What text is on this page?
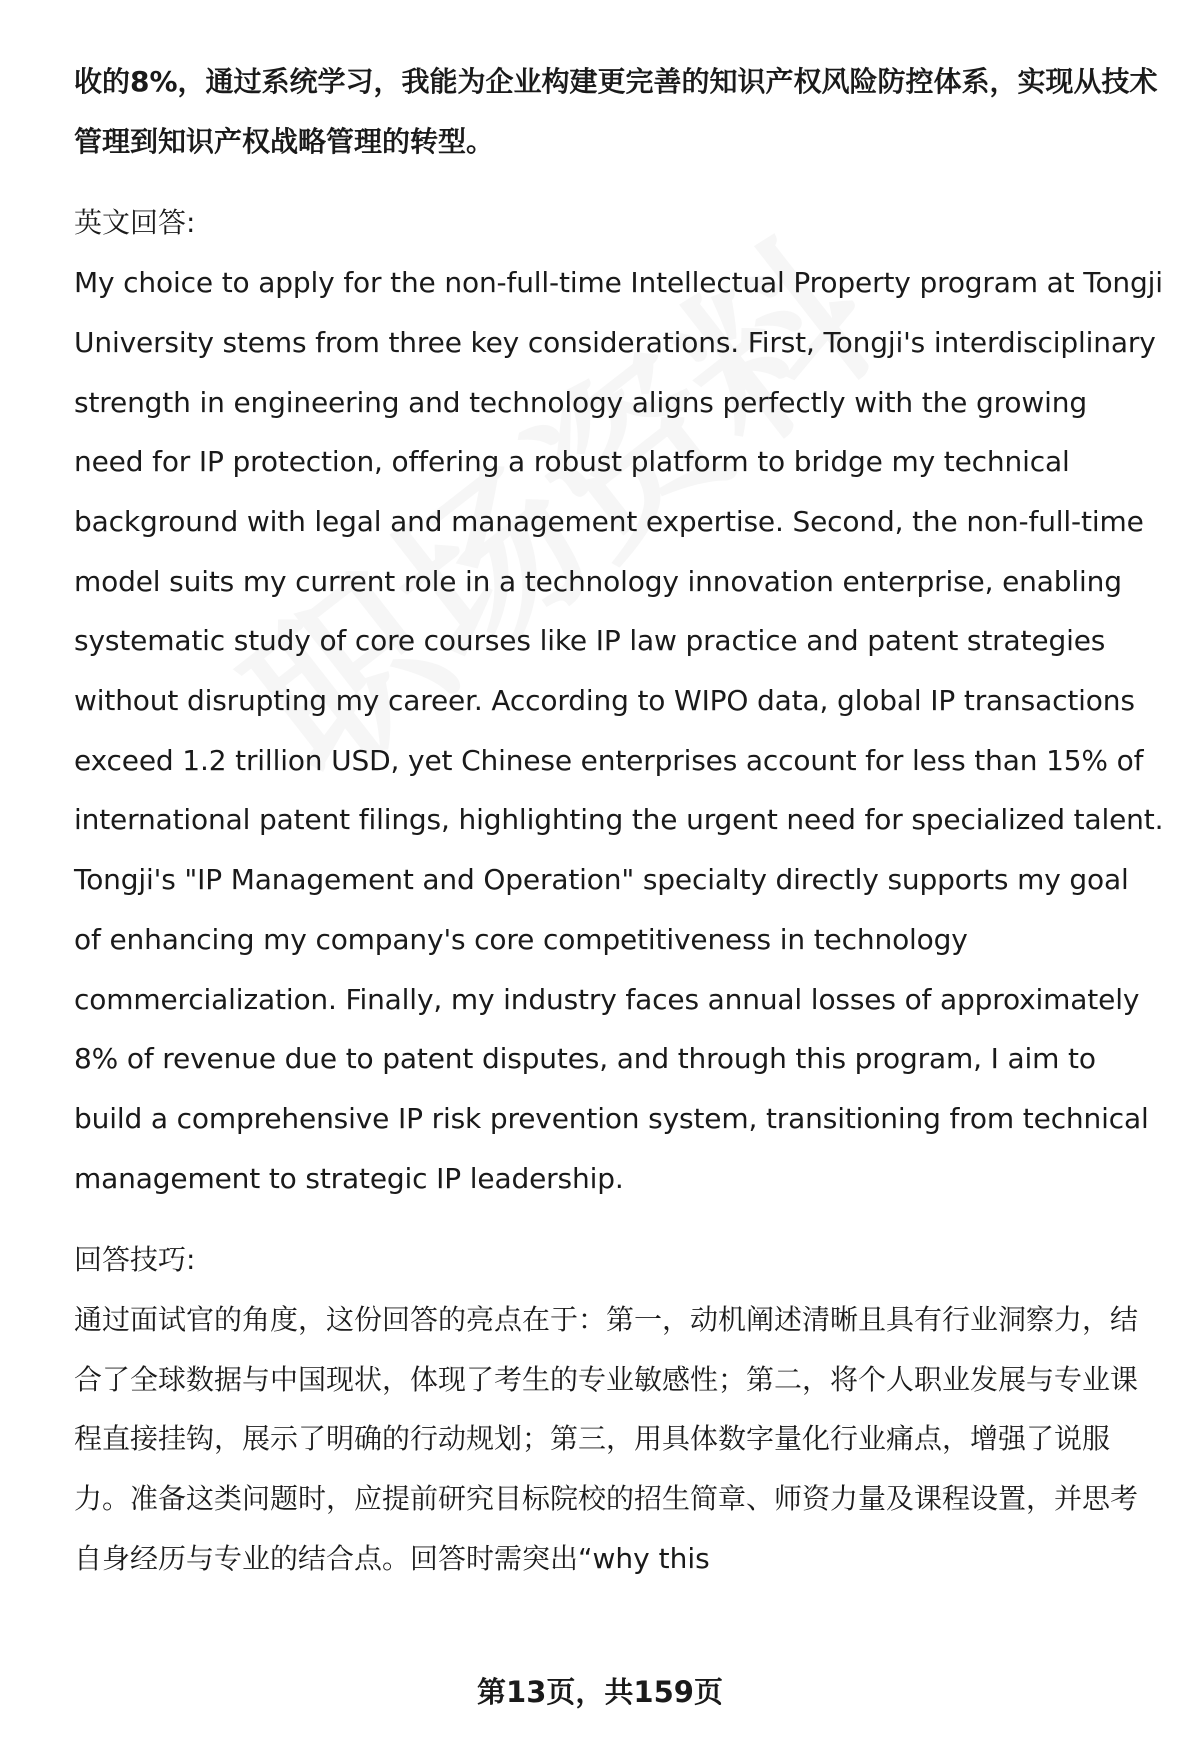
收的8%，通过系统学习，我能为企业构建更完善的知识产权风险防控体系，实现从技术管理到知识产权战略管理的转型。

英文回答:

My choice to apply for the non-full-time Intellectual Property program at Tongji University stems from three key considerations. First, Tongji's interdisciplinary strength in engineering and technology aligns perfectly with the growing need for IP protection, offering a robust platform to bridge my technical background with legal and management expertise. Second, the non-full-time model suits my current role in a technology innovation enterprise, enabling systematic study of core courses like IP law practice and patent strategies without disrupting my career. According to WIPO data, global IP transactions exceed 1.2 trillion USD, yet Chinese enterprises account for less than 15% of international patent filings, highlighting the urgent need for specialized talent. Tongji's "IP Management and Operation" specialty directly supports my goal of enhancing my company's core competitiveness in technology commercialization. Finally, my industry faces annual losses of approximately 8% of revenue due to patent disputes, and through this program, I aim to build a comprehensive IP risk prevention system, transitioning from technical management to strategic IP leadership.

回答技巧:

通过面试官的角度，这份回答的亮点在于：第一，动机阐述清晰且具有行业洞察力，结合了全球数据与中国现状，体现了考生的专业敏感性；第二，将个人职业发展与专业课程直接挂钩，展示了明确的行动规划；第三，用具体数字量化行业痛点，增强了说服力。准备这类问题时，应提前研究目标院校的招生简章、师资力量及课程设置，并思考自身经历与专业的结合点。回答时需突出“why this

第13页，共159页
